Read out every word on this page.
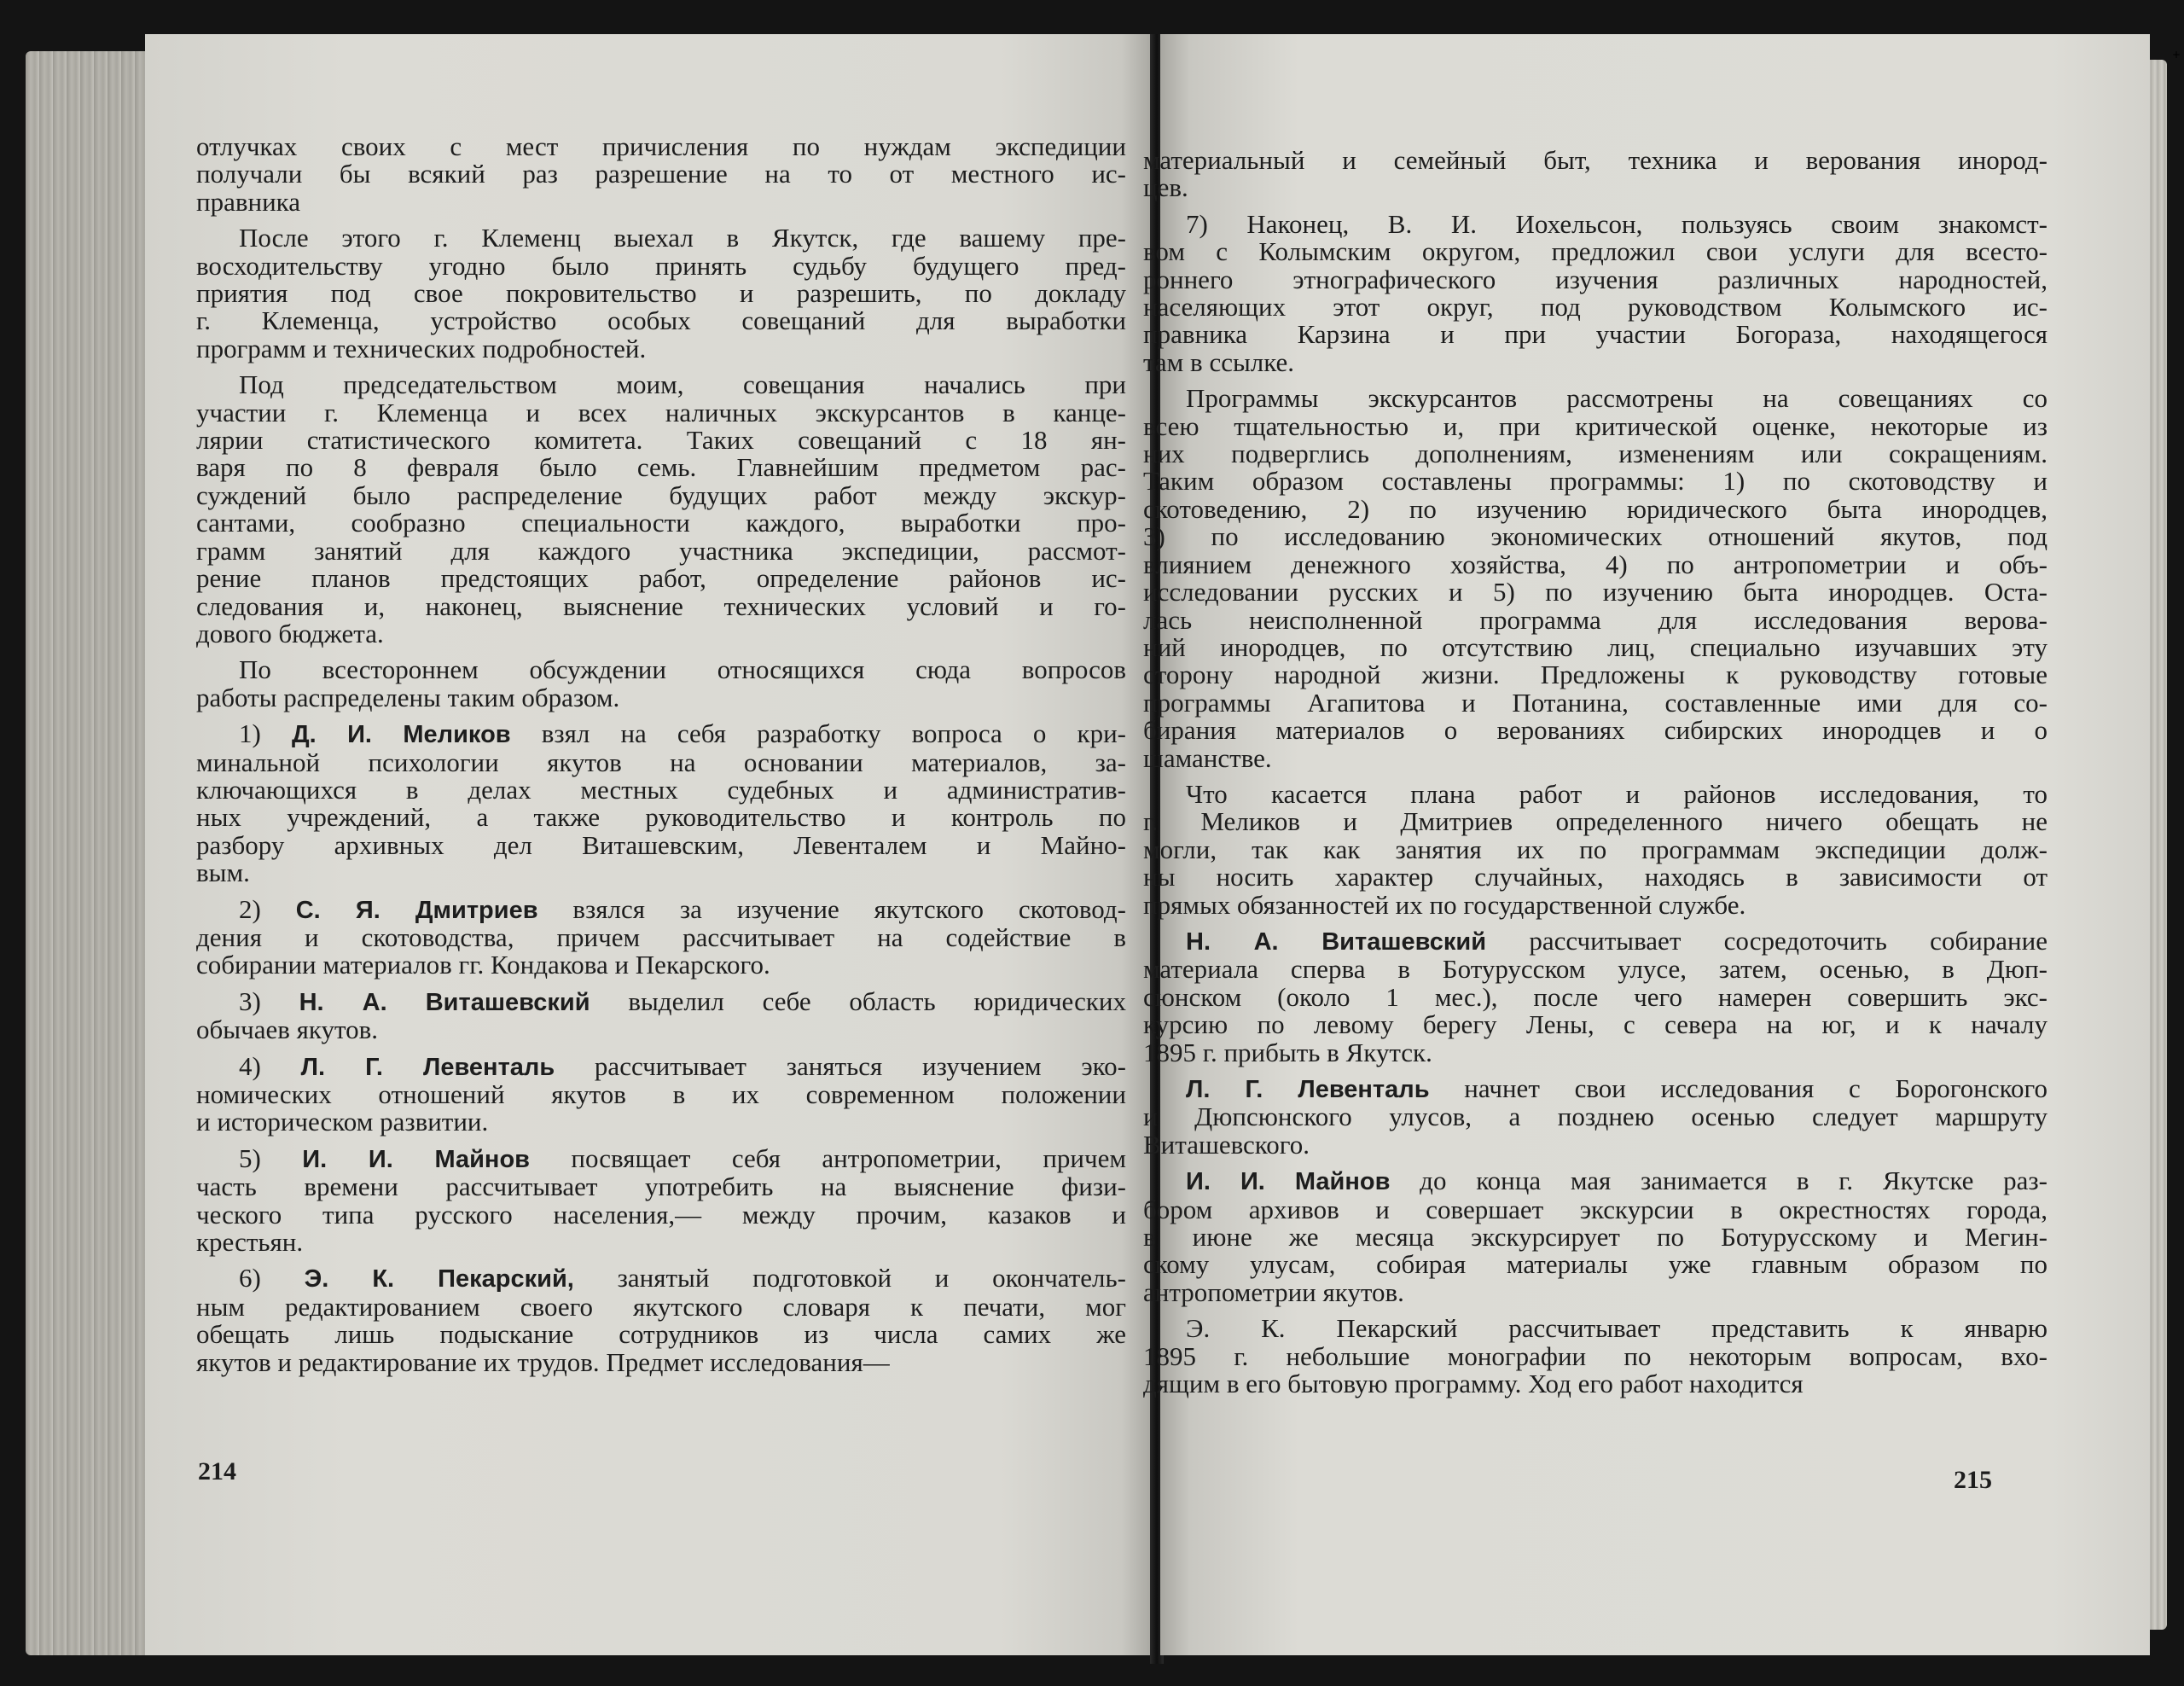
+

отлучках своих с мест причисления по нуждам экспедиции

получали бы всякий раз разрешение на то от местного ис-

правника

После этого г. Клеменц выехал в Якутск, где вашему пре-

восходительству угодно было принять судьбу будущего пред-

приятия под свое покровительство и разрешить, по докладу

г. Клеменца, устройство особых совещаний для выработки

программ и технических подробностей.

Под председательством моим, совещания начались при

участии г. Клеменца и всех наличных экскурсантов в канце-

лярии статистического комитета. Таких совещаний с 18 ян-

варя по 8 февраля было семь. Главнейшим предметом рас-

суждений было распределение будущих работ между экскур-

сантами, сообразно специальности каждого, выработки про-

грамм занятий для каждого участника экспедиции, рассмот-

рение планов предстоящих работ, определение районов ис-

следования и, наконец, выяснение технических условий и го-

дового бюджета.

По всестороннем обсуждении относящихся сюда вопросов

работы распределены таким образом.

1) Д. И. Меликов взял на себя разработку вопроса о кри-

минальной психологии якутов на основании материалов, за-

ключающихся в делах местных судебных и административ-

ных учреждений, а также руководительство и контроль по

разбору архивных дел Виташевским, Левенталем и Майно-

вым.

2) С. Я. Дмитриев взялся за изучение якутского скотовод-

дения и скотоводства, причем рассчитывает на содействие в

собирании материалов гг. Кондакова и Пекарского.

3) Н. А. Виташевский выделил себе область юридических

обычаев якутов.

4) Л. Г. Левенталь рассчитывает заняться изучением эко-

номических отношений якутов в их современном положении

и историческом развитии.

5) И. И. Майнов посвящает себя антропометрии, причем

часть времени рассчитывает употребить на выяснение физи-

ческого типа русского населения,— между прочим, казаков и

крестьян.

6) Э. К. Пекарский, занятый подготовкой и окончатель-

ным редактированием своего якутского словаря к печати, мог

обещать лишь подыскание сотрудников из числа самих же

якутов и редактирование их трудов. Предмет исследования—

материальный и семейный быт, техника и верования инород-

цев.

7) Наконец, В. И. Иохельсон, пользуясь своим знакомст-

вом с Колымским округом, предложил свои услуги для всесто-

роннего этнографического изучения различных народностей,

населяющих этот округ, под руководством Колымского ис-

правника Карзина и при участии Богораза, находящегося

там в ссылке.

Программы экскурсантов рассмотрены на совещаниях со

всею тщательностью и, при критической оценке, некоторые из

них подверглись дополнениям, изменениям или сокращениям.

Таким образом составлены программы: 1) по скотоводству и

скотоведению, 2) по изучению юридического быта инородцев,

3) по исследованию экономических отношений якутов, под

влиянием денежного хозяйства, 4) по антропометрии и объ-

исследовании русских и 5) по изучению быта инородцев. Оста-

лась неисполненной программа для исследования верова-

ний инородцев, по отсутствию лиц, специально изучавших эту

сторону народной жизни. Предложены к руководству готовые

программы Агапитова и Потанина, составленные ими для со-

бирания материалов о верованиях сибирских инородцев и о

шаманстве.

Что касается плана работ и районов исследования, то

г. Меликов и Дмитриев определенного ничего обещать не

могли, так как занятия их по программам экспедиции долж-

ны носить характер случайных, находясь в зависимости от

прямых обязанностей их по государственной службе.

Н. А. Виташевский рассчитывает сосредоточить собирание

материала сперва в Ботурусском улусе, затем, осенью, в Дюп-

сюнском (около 1 мес.), после чего намерен совершить экс-

курсию по левому берегу Лены, с севера на юг, и к началу

1895 г. прибыть в Якутск.

Л. Г. Левенталь начнет свои исследования с Борогонского

и Дюпсюнского улусов, а позднею осенью следует маршруту

Виташевского.

И. И. Майнов до конца мая занимается в г. Якутске раз-

бором архивов и совершает экскурсии в окрестностях города,

в июне же месяца экскурсирует по Ботурусскому и Мегин-

скому улусам, собирая материалы уже главным образом по

антропометрии якутов.

Э. К. Пекарский рассчитывает представить к январю

1895 г. небольшие монографии по некоторым вопросам, вхо-

дящим в его бытовую программу. Ход его работ находится

214	215
